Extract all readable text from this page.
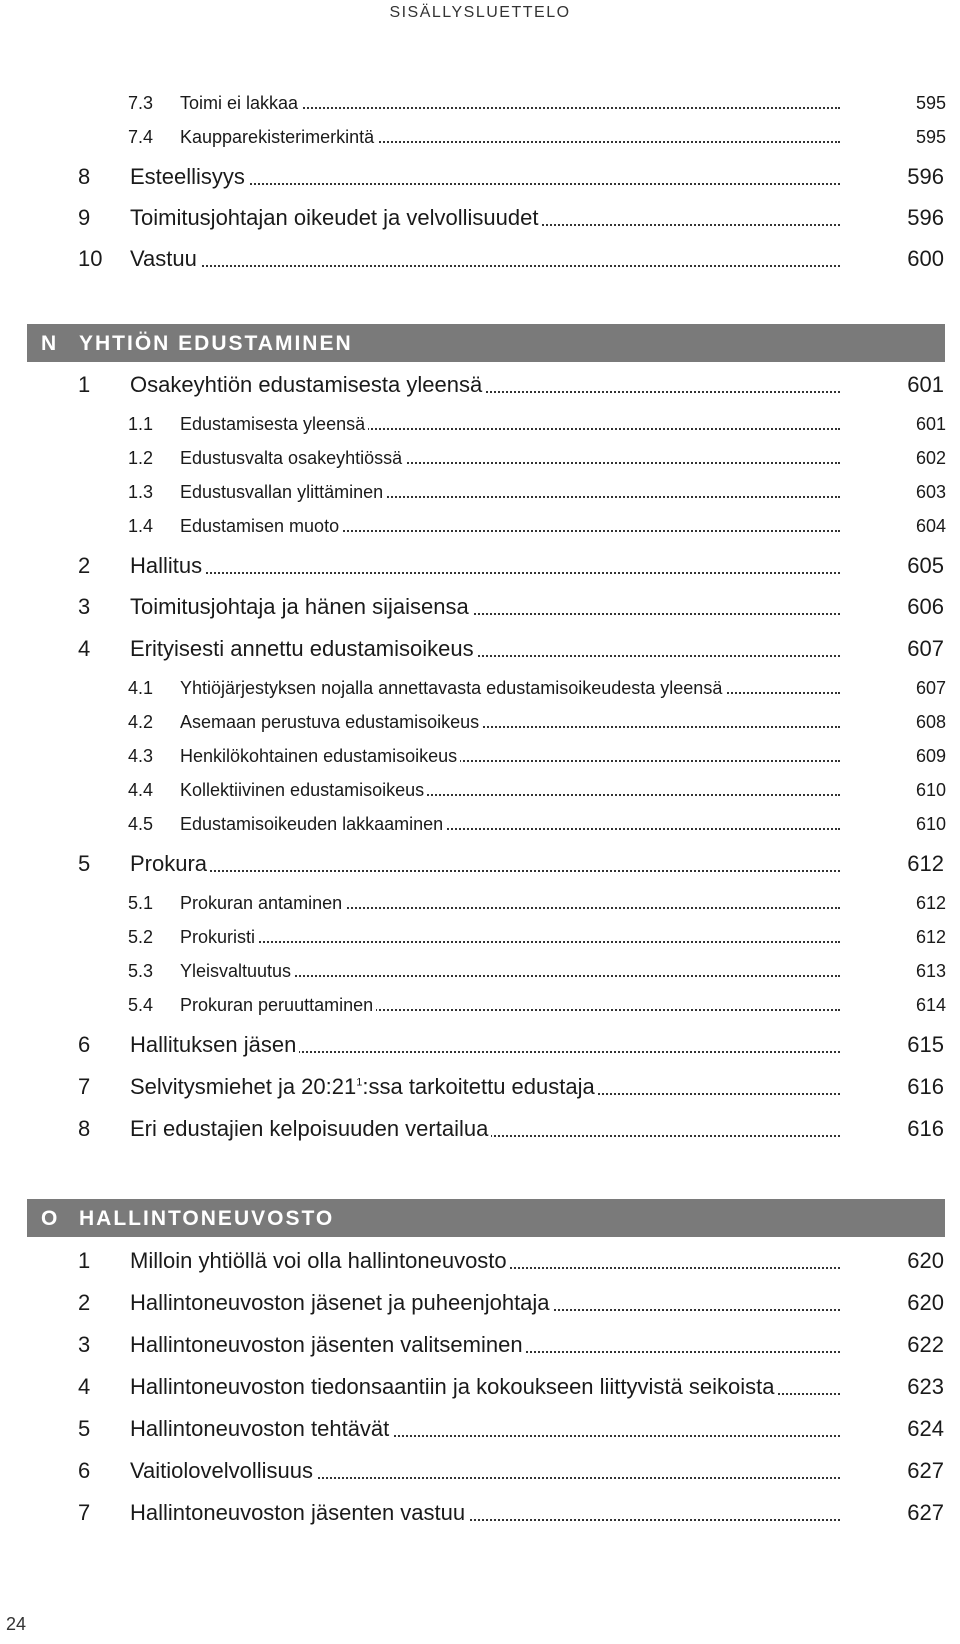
SISÄLLYSLUETTELO
7.3 Toimi ei lakkaa	595
7.4 Kaupparekisterimerkintä	595
8 Esteellisyys	596
9 Toimitusjohtajan oikeudet ja velvollisuudet	596
10 Vastuu	600
N YHTIÖN EDUSTAMINEN
1 Osakeyhtiön edustamisesta yleensä	601
1.1 Edustamisesta yleensä	601
1.2 Edustusvalta osakeyhtiössä	602
1.3 Edustusvallan ylittäminen	603
1.4 Edustamisen muoto	604
2 Hallitus	605
3 Toimitusjohtaja ja hänen sijaisensa	606
4 Erityisesti annettu edustamisoikeus	607
4.1 Yhtiöjärjestyksen nojalla annettavasta edustamisoikeudesta yleensä	607
4.2 Asemaan perustuva edustamisoikeus	608
4.3 Henkilökohtainen edustamisoikeus	609
4.4 Kollektiivinen edustamisoikeus	610
4.5 Edustamisoikeuden lakkaaminen	610
5 Prokura	612
5.1 Prokuran antaminen	612
5.2 Prokuristi	612
5.3 Yleisvaltuutus	613
5.4 Prokuran peruuttaminen	614
6 Hallituksen jäsen	615
7 Selvitysmiehet ja $20:21^1:ssa$ tarkoitettu edustaja	616
8 Eri edustajien kelpoisuuden vertailua	616
O HALLINTONEUVOSTO
1 Milloin yhtiöllä voi olla hallintoneuvosto	620
2 Hallintoneuvoston jäsenet ja puheenjohtaja	620
3 Hallintoneuvoston jäsenten valitseminen	622
4 Hallintoneuvoston tiedonsaantiin ja kokoukseen liittyvistä seikoista	623
5 Hallintoneuvoston tehtävät	624
6 Vaitiolovelvollisuus	627
7 Hallintoneuvoston jäsenten vastuu	627
24
